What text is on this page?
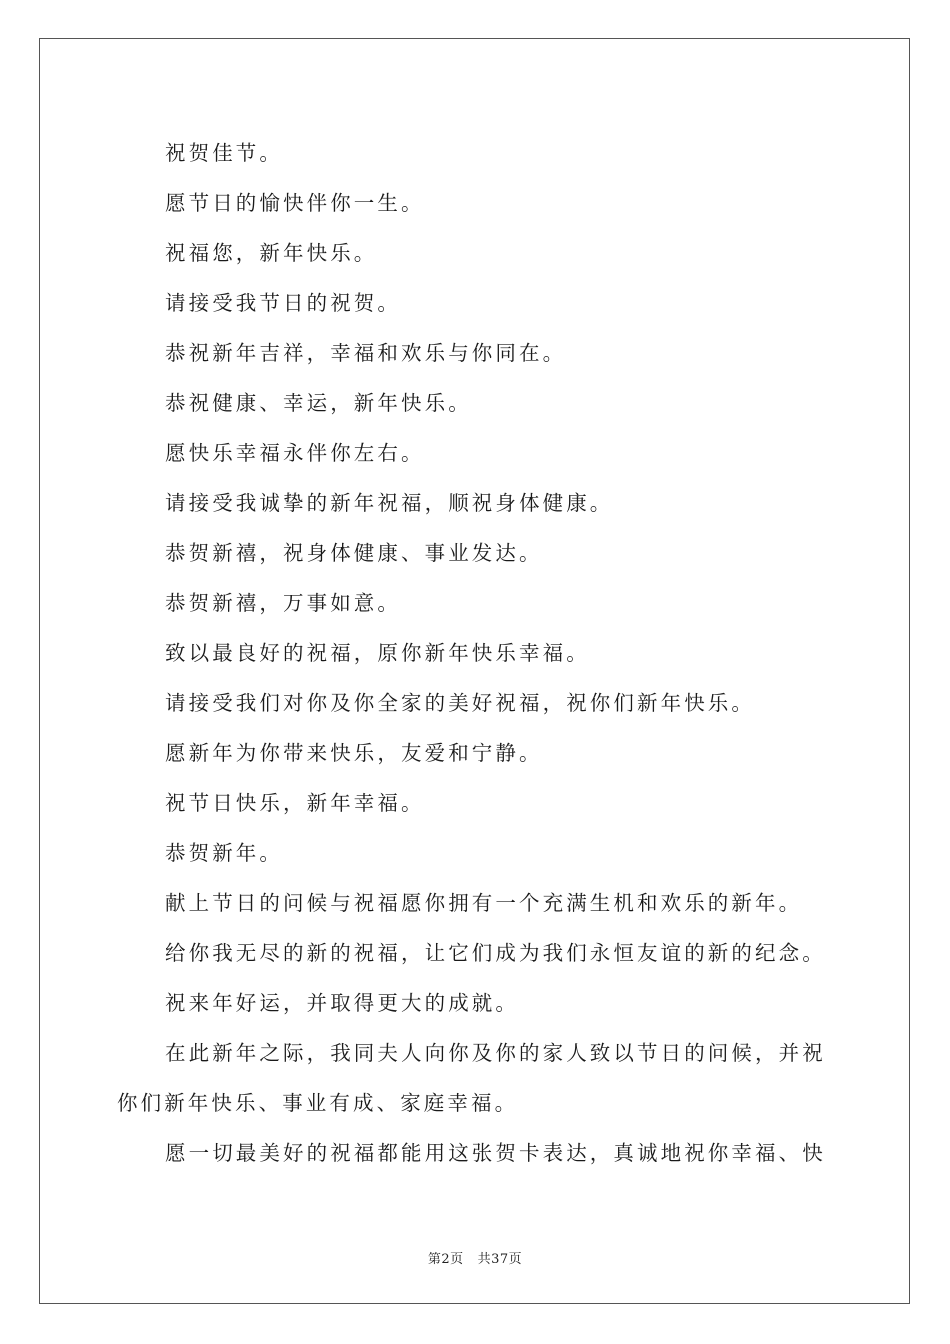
祝贺佳节。

愿节日的愉快伴你一生。

祝福您，新年快乐。

请接受我节日的祝贺。

恭祝新年吉祥，幸福和欢乐与你同在。

恭祝健康、幸运，新年快乐。

愿快乐幸福永伴你左右。

请接受我诚挚的新年祝福，顺祝身体健康。

恭贺新禧，祝身体健康、事业发达。

恭贺新禧，万事如意。

致以最良好的祝福，原你新年快乐幸福。

请接受我们对你及你全家的美好祝福，祝你们新年快乐。

愿新年为你带来快乐，友爱和宁静。

祝节日快乐，新年幸福。

恭贺新年。

献上节日的问候与祝福愿你拥有一个充满生机和欢乐的新年。

给你我无尽的新的祝福，让它们成为我们永恒友谊的新的纪念。

祝来年好运，并取得更大的成就。

在此新年之际，我同夫人向你及你的家人致以节日的问候，并祝你们新年快乐、事业有成、家庭幸福。

愿一切最美好的祝福都能用这张贺卡表达，真诚地祝你幸福、快

第2页 共37页
